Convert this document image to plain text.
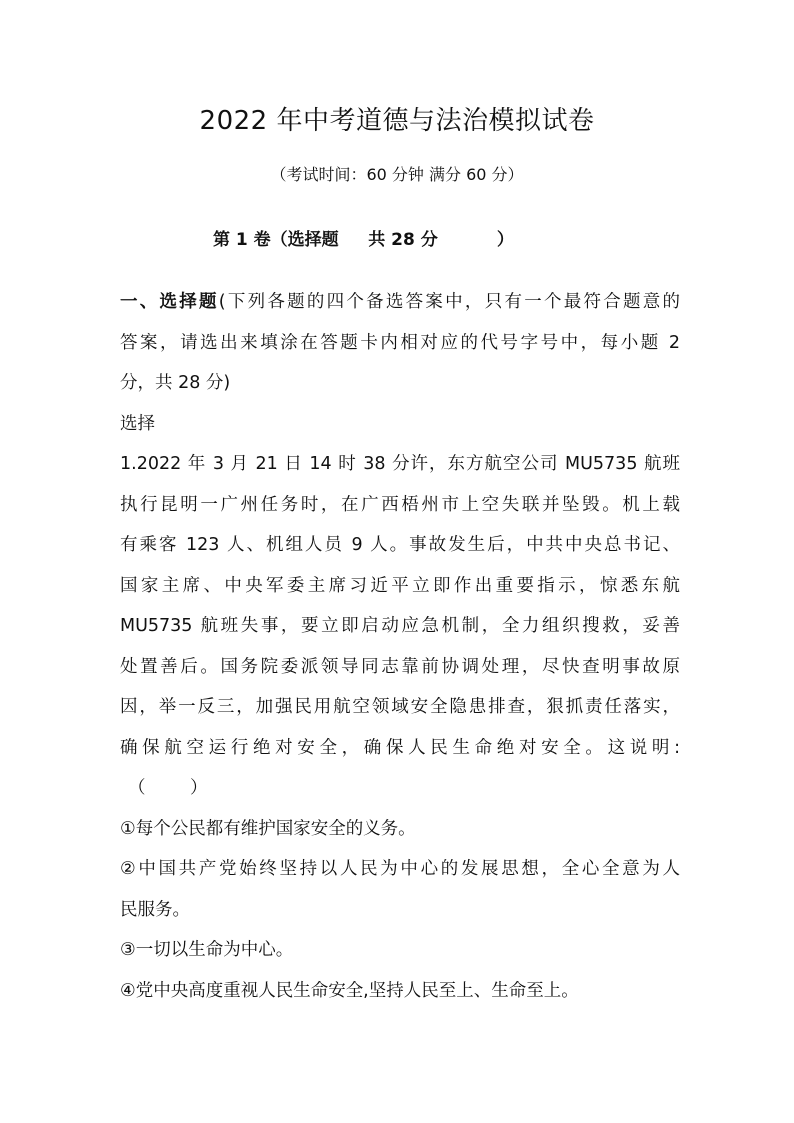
2022 年中考道德与法治模拟试卷
（考试时间：60 分钟 满分 60 分）
第 1 卷（选择题     共 28 分          ）
一、选择题(下列各题的四个备选答案中，只有一个最符合题意的
答案，请选出来填涂在答题卡内相对应的代号字号中，每小题 2
分，共 28 分)
选择
1.2022 年 3 月 21 日 14 时 38 分许，东方航空公司 MU5735 航班
执行昆明一广州任务时，在广西梧州市上空失联并坠毁。机上载
有乘客 123 人、机组人员 9 人。事故发生后，中共中央总书记、
国家主席、中央军委主席习近平立即作出重要指示，惊悉东航
MU5735 航班失事，要立即启动应急机制，全力组织搜救，妥善
处置善后。国务院委派领导同志靠前协调处理，尽快查明事故原
因，举一反三，加强民用航空领域安全隐患排查，狠抓责任落实，
确保航空运行绝对安全，确保人民生命绝对安全。这说明:
（        ）
①每个公民都有维护国家安全的义务。
②中国共产党始终坚持以人民为中心的发展思想，全心全意为人
民服务。
③一切以生命为中心。
④党中央高度重视人民生命安全,坚持人民至上、生命至上。
